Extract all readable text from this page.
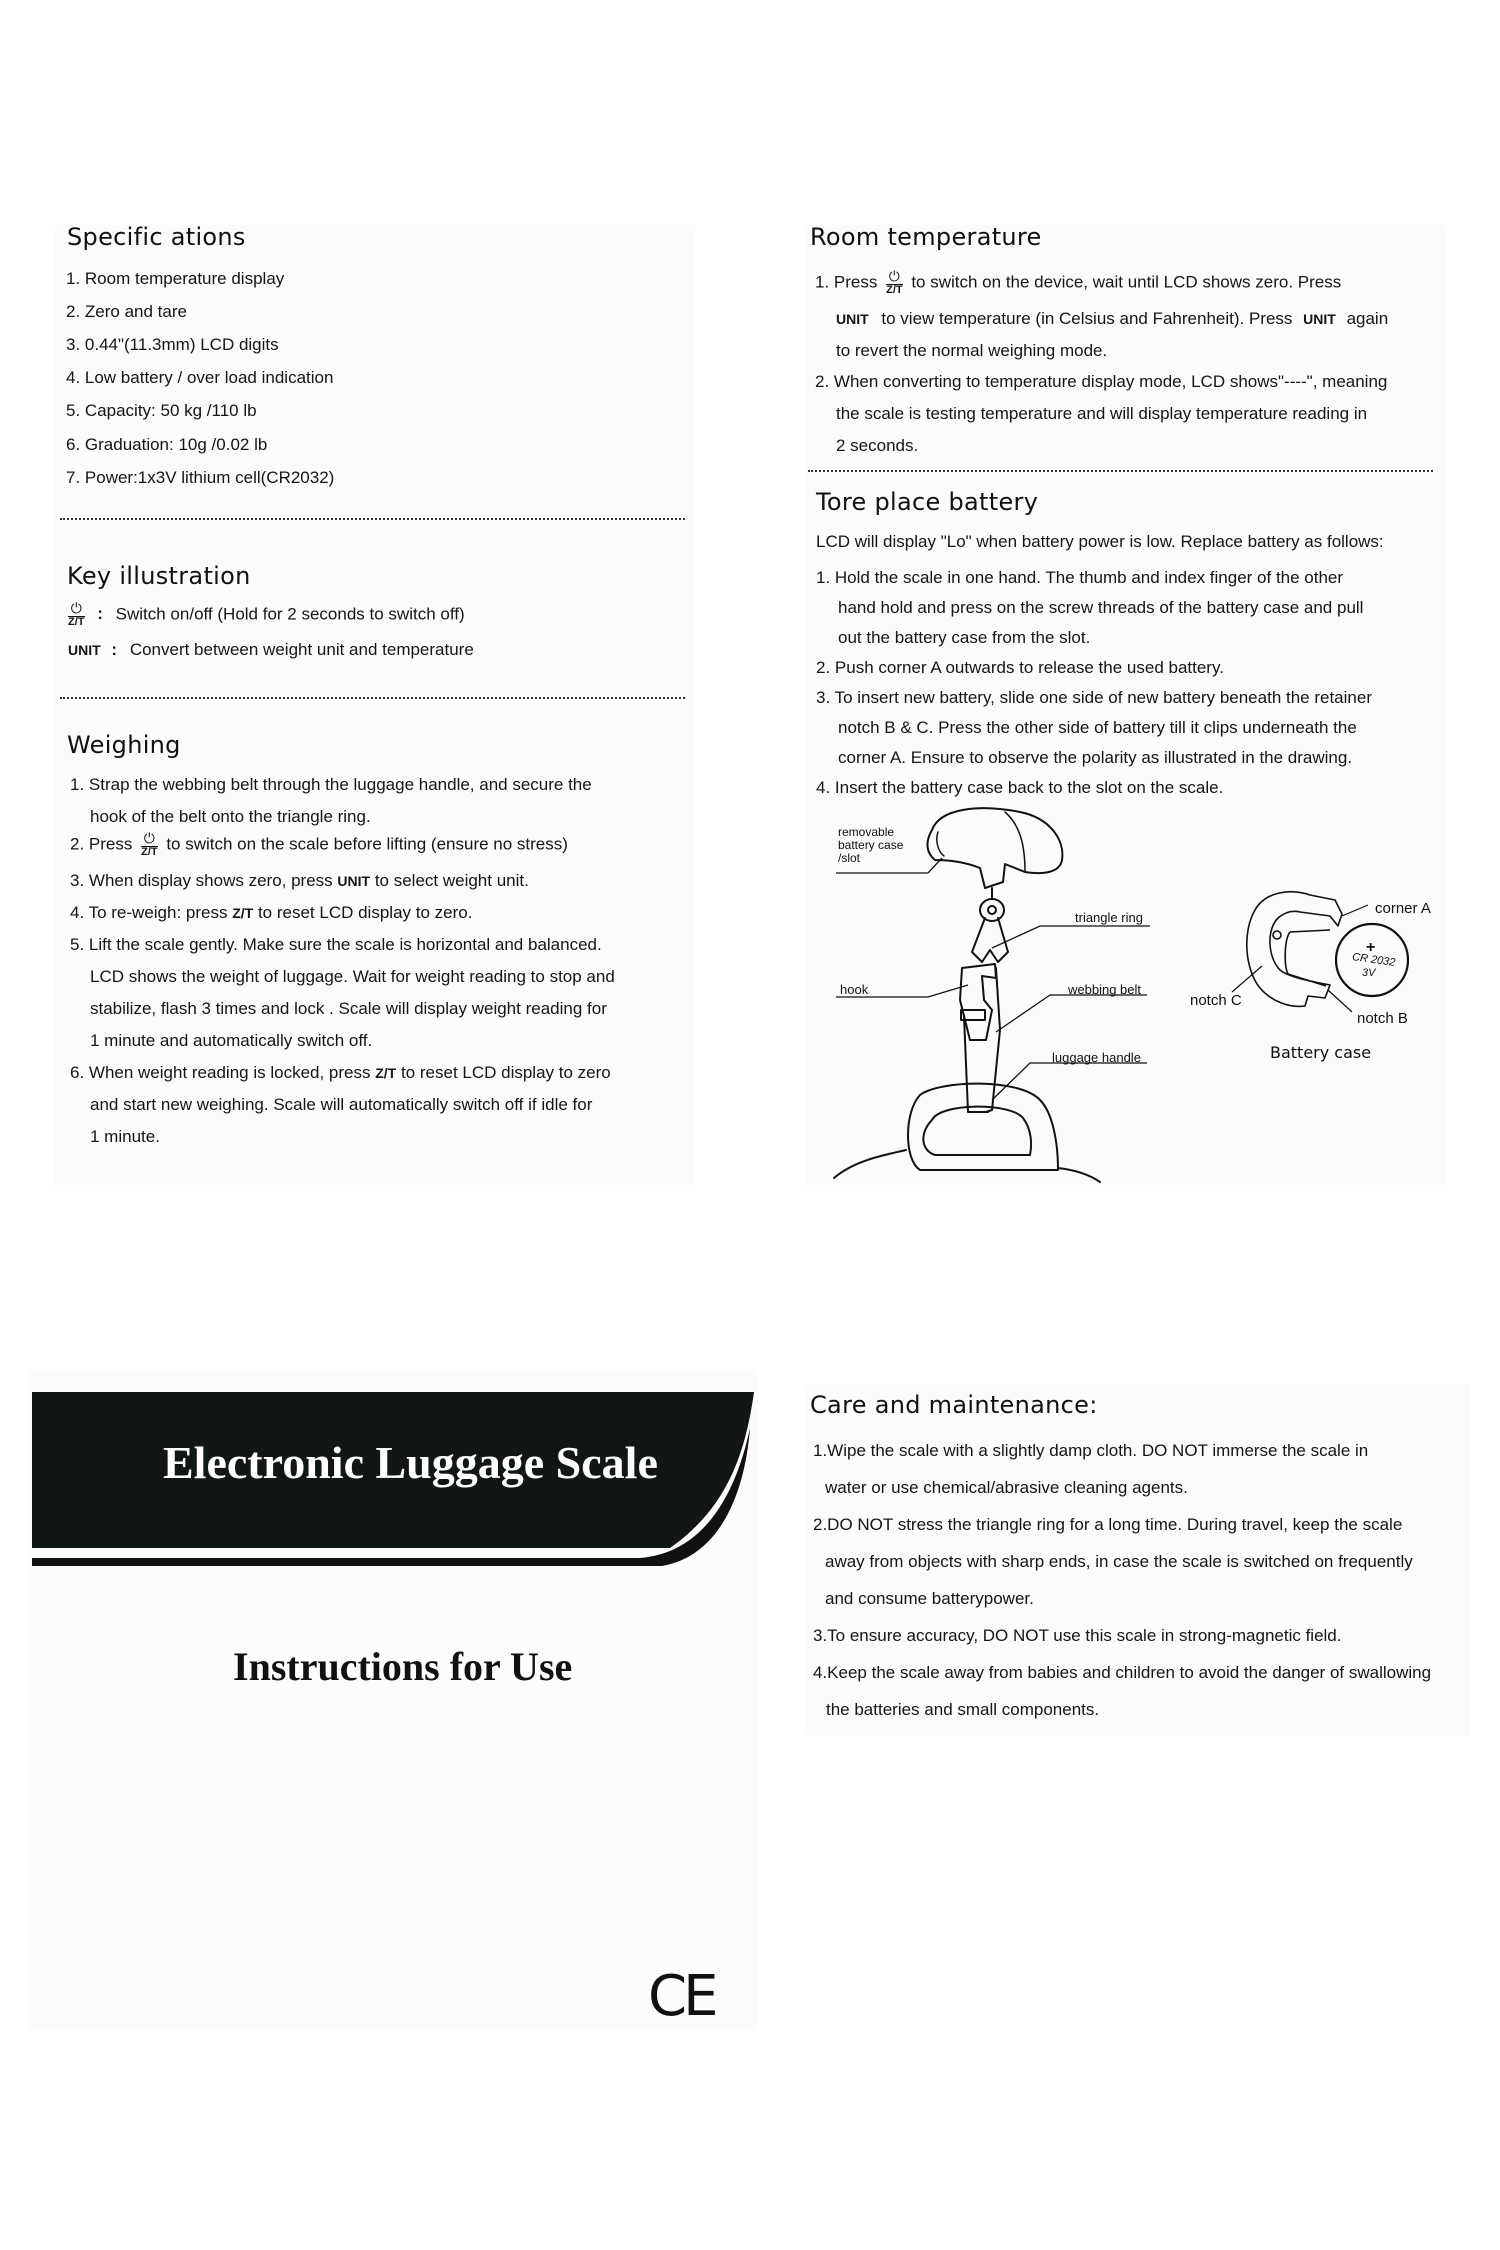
Specific ations
1. Room temperature display
2. Zero and tare
3. 0.44"(11.3mm) LCD digits
4. Low battery / over load indication
5. Capacity: 50 kg /110 lb
6. Graduation: 10g /0.02 lb
7. Power:1x3V lithium cell(CR2032)
Key illustration
⏻
Z/T : Switch on/off (Hold for 2 seconds to switch off)
UNIT : Convert between weight unit and temperature
Weighing
1. Strap the webbing belt through the luggage handle, and secure the
hook of the belt onto the triangle ring.
2. Press ⏻
Z/T to switch on the scale before lifting (ensure no stress)
3. When display shows zero, press UNIT to select weight unit.
4. To re-weigh: press Z/T to reset LCD display to zero.
5. Lift the scale gently. Make sure the scale is horizontal and balanced.
LCD shows the weight of luggage. Wait for weight reading to stop and
stabilize, flash 3 times and lock . Scale will display weight reading for
1 minute and automatically switch off.
6. When weight reading is locked, press Z/T to reset LCD display to zero
and start new weighing. Scale will automatically switch off if idle for
1 minute.
Room temperature
1. Press ⏻
Z/T to switch on the device, wait until LCD shows zero. Press
UNIT to view temperature (in Celsius and Fahrenheit). Press UNIT again
to revert the normal weighing mode.
2. When converting to temperature display mode, LCD shows"----", meaning
the scale is testing temperature and will display temperature reading in
2 seconds.
Tore place battery
LCD will display "Lo" when battery power is low. Replace battery as follows:
1. Hold the scale in one hand. The thumb and index finger of the other
hand hold and press on the screw threads of the battery case and pull
out the battery case from the slot.
2. Push corner A outwards to release the used battery.
3. To insert new battery, slide one side of new battery beneath the retainer
notch B & C. Press the other side of battery till it clips underneath the
corner A. Ensure to observe the polarity as illustrated in the drawing.
4. Insert the battery case back to the slot on the scale.
removable
battery case
/slot
triangle ring
hook	webbing belt
luggage handle
corner A
notch C
notch B
+
CR 2032
3V
Battery case
Electronic Luggage Scale
Instructions for Use
CE
Care and maintenance:
1.Wipe the scale with a slightly damp cloth. DO NOT immerse the scale in
water or use chemical/abrasive cleaning agents.
2.DO NOT stress the triangle ring for a long time. During travel, keep the scale
away from objects with sharp ends, in case the scale is switched on frequently
and consume batterypower.
3.To ensure accuracy, DO NOT use this scale in strong-magnetic field.
4.Keep the scale away from babies and children to avoid the danger of swallowing
the batteries and small components.
